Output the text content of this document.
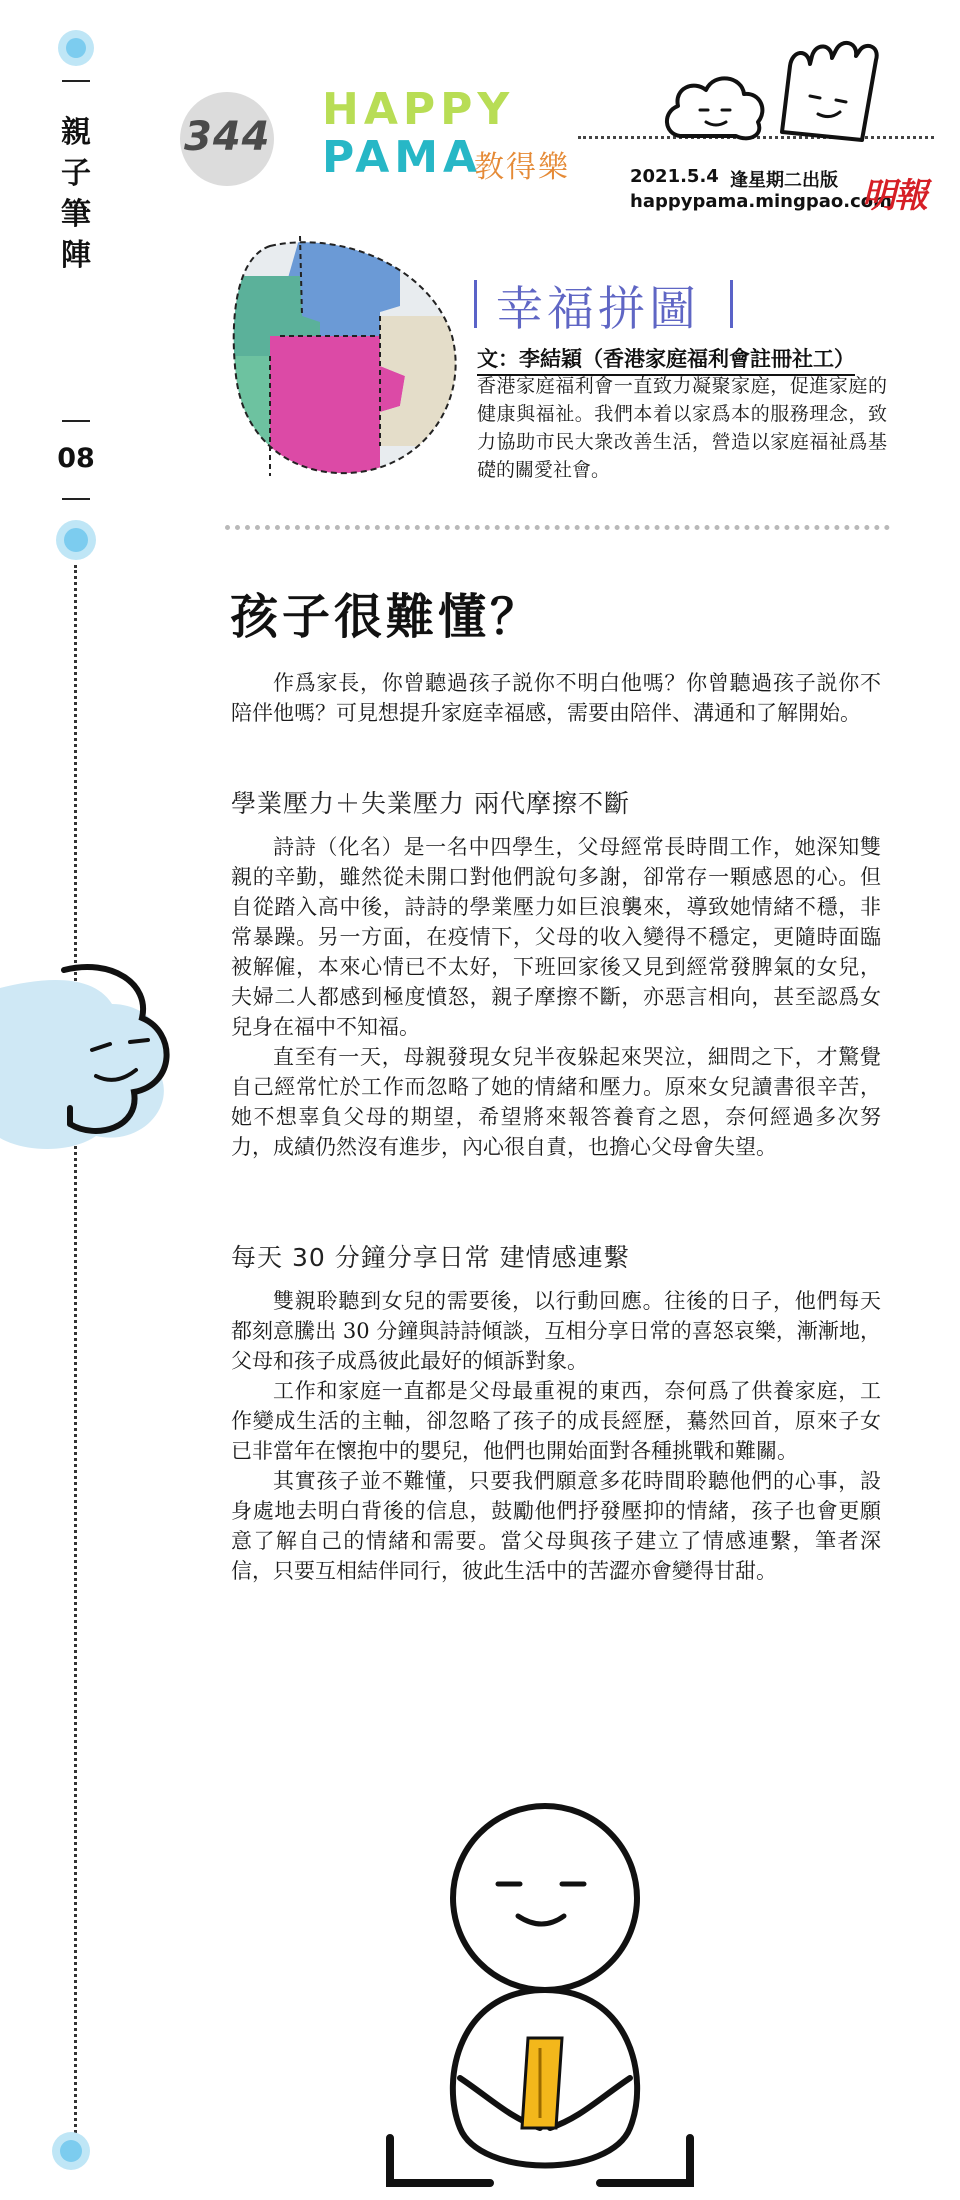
親
子
筆
陣
08
344
HAPPY
PAMA
教得樂	2021.5.4 逢星期二出版
happypama.mingpao.com
明報
幸福拼圖
文：李結穎（香港家庭福利會註冊社工）
香港家庭福利會一直致力凝聚家庭，促進家庭的健康與福祉。我們本着以家爲本的服務理念，致力協助市民大衆改善生活，營造以家庭福祉爲基礎的關愛社會。
孩子很難懂？

作爲家長，你曾聽過孩子説你不明白他嗎？你曾聽過孩子説你不陪伴他嗎？可見想提升家庭幸福感，需要由陪伴、溝通和了解開始。

學業壓力＋失業壓力 兩代摩擦不斷

詩詩（化名）是一名中四學生，父母經常長時間工作，她深知雙親的辛勤，雖然從未開口對他們說句多謝，卻常存一顆感恩的心。但自從踏入高中後，詩詩的學業壓力如巨浪襲來，導致她情緒不穩，非常暴躁。另一方面，在疫情下，父母的收入變得不穩定，更隨時面臨被解僱，本來心情已不太好，下班回家後又見到經常發脾氣的女兒，夫婦二人都感到極度憤怒，親子摩擦不斷，亦惡言相向，甚至認爲女兒身在福中不知福。

直至有一天，母親發現女兒半夜躲起來哭泣，細問之下，才驚覺自己經常忙於工作而忽略了她的情緒和壓力。原來女兒讀書很辛苦，她不想辜負父母的期望，希望將來報答養育之恩，奈何經過多次努力，成績仍然沒有進步，內心很自責，也擔心父母會失望。

每天 30 分鐘分享日常 建情感連繫

雙親聆聽到女兒的需要後，以行動回應。往後的日子，他們每天都刻意騰出 30 分鐘與詩詩傾談，互相分享日常的喜怒哀樂，漸漸地，父母和孩子成爲彼此最好的傾訴對象。

工作和家庭一直都是父母最重視的東西，奈何爲了供養家庭，工作變成生活的主軸，卻忽略了孩子的成長經歷，驀然回首，原來子女已非當年在懷抱中的嬰兒，他們也開始面對各種挑戰和難關。

其實孩子並不難懂，只要我們願意多花時間聆聽他們的心事，設身處地去明白背後的信息，鼓勵他們抒發壓抑的情緒，孩子也會更願意了解自己的情緒和需要。當父母與孩子建立了情感連繫，筆者深信，只要互相結伴同行，彼此生活中的苦澀亦會變得甘甜。
